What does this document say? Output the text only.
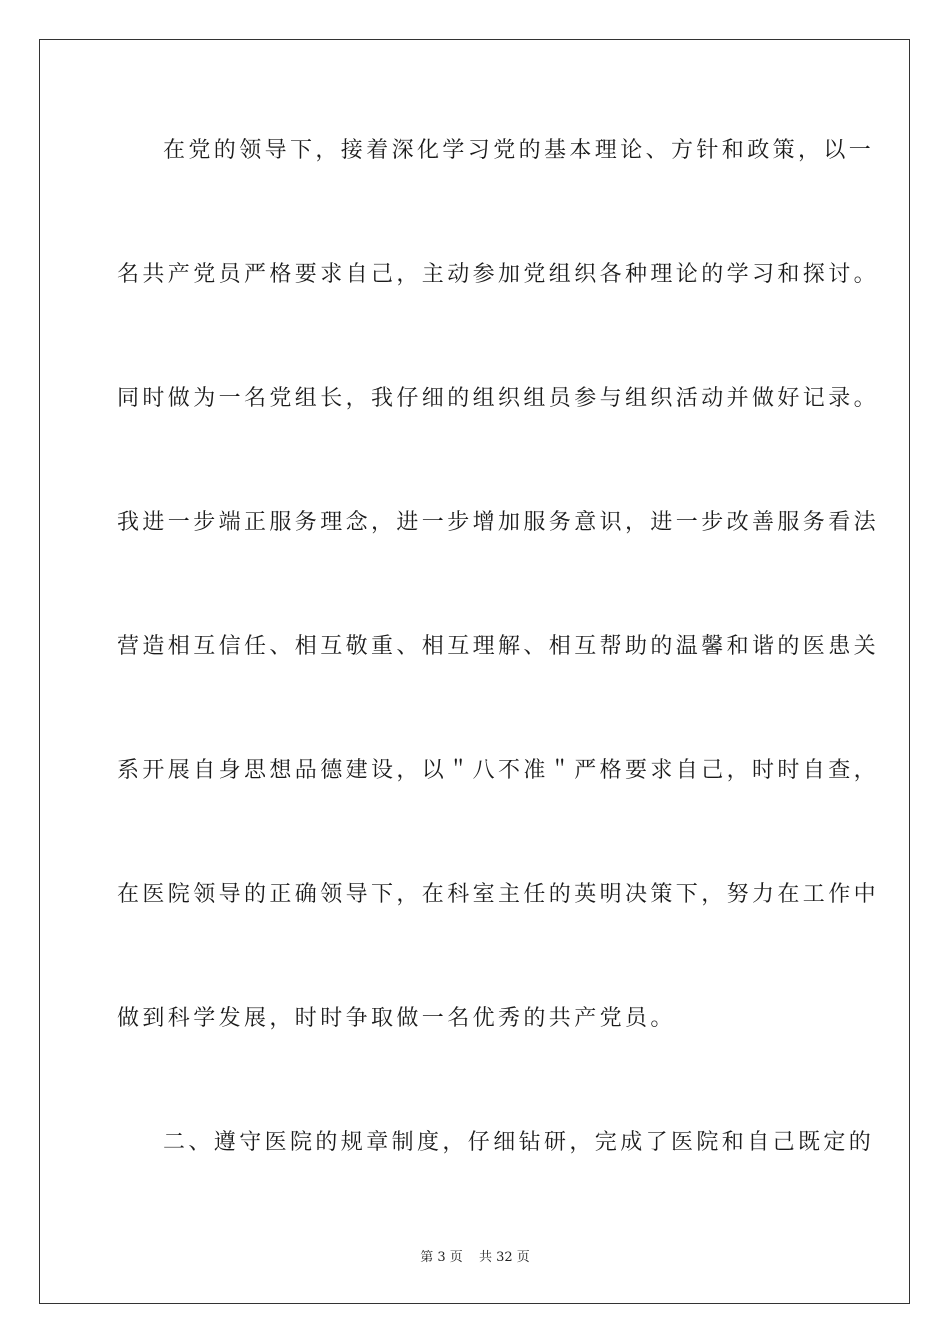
在党的领导下，接着深化学习党的基本理论、方针和政策，以一
名共产党员严格要求自己，主动参加党组织各种理论的学习和探讨。
同时做为一名党组长，我仔细的组织组员参与组织活动并做好记录。
我进一步端正服务理念，进一步增加服务意识，进一步改善服务看法
营造相互信任、相互敬重、相互理解、相互帮助的温馨和谐的医患关
系开展自身思想品德建设，以＂八不准＂严格要求自己，时时自查，
在医院领导的正确领导下，在科室主任的英明决策下，努力在工作中
做到科学发展，时时争取做一名优秀的共产党员。
二、遵守医院的规章制度，仔细钻研，完成了医院和自己既定的
第 3 页 共 32 页
